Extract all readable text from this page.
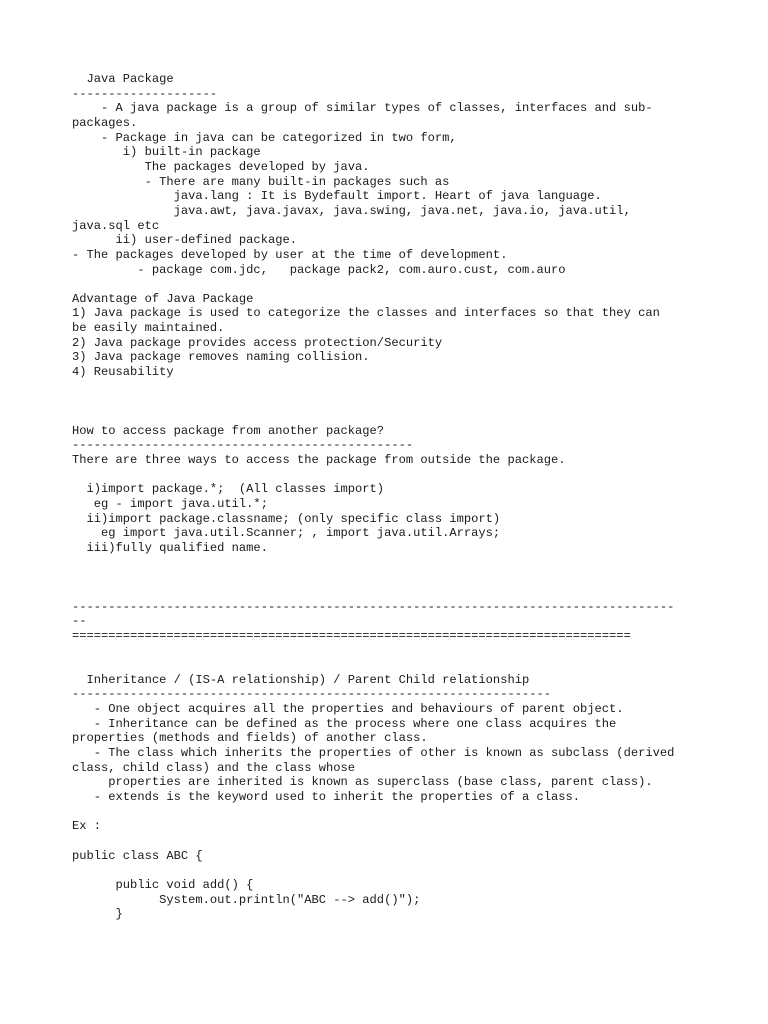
Java Package
--------------------
- A java package is a group of similar types of classes, interfaces and sub-
packages.
- Package in java can be categorized in two form,
i) built-in package
The packages developed by java.
- There are many built-in packages such as
java.lang : It is Bydefault import. Heart of java language.
java.awt, java.javax, java.swing, java.net, java.io, java.util,
java.sql etc
ii) user-defined package.
- The packages developed by user at the time of development.
- package com.jdc,   package pack2, com.auro.cust, com.auro
Advantage of Java Package
1) Java package is used to categorize the classes and interfaces so that they can
be easily maintained.
2) Java package provides access protection/Security
3) Java package removes naming collision.
4) Reusability
How to access package from another package?
-----------------------------------------------
There are three ways to access the package from outside the package.
i)import package.*;  (All classes import)
eg - import java.util.*;
ii)import package.classname; (only specific class import)
eg import java.util.Scanner; , import java.util.Arrays;
iii)fully qualified name.
-----------------------------------------------------------------------------------
--
=============================================================================
Inheritance / (IS-A relationship) / Parent Child relationship
------------------------------------------------------------------
- One object acquires all the properties and behaviours of parent object.
- Inheritance can be defined as the process where one class acquires the
properties (methods and fields) of another class.
- The class which inherits the properties of other is known as subclass (derived
class, child class) and the class whose
properties are inherited is known as superclass (base class, parent class).
- extends is the keyword used to inherit the properties of a class.
Ex :
public class ABC {
public void add() {
System.out.println("ABC --> add()");
}
